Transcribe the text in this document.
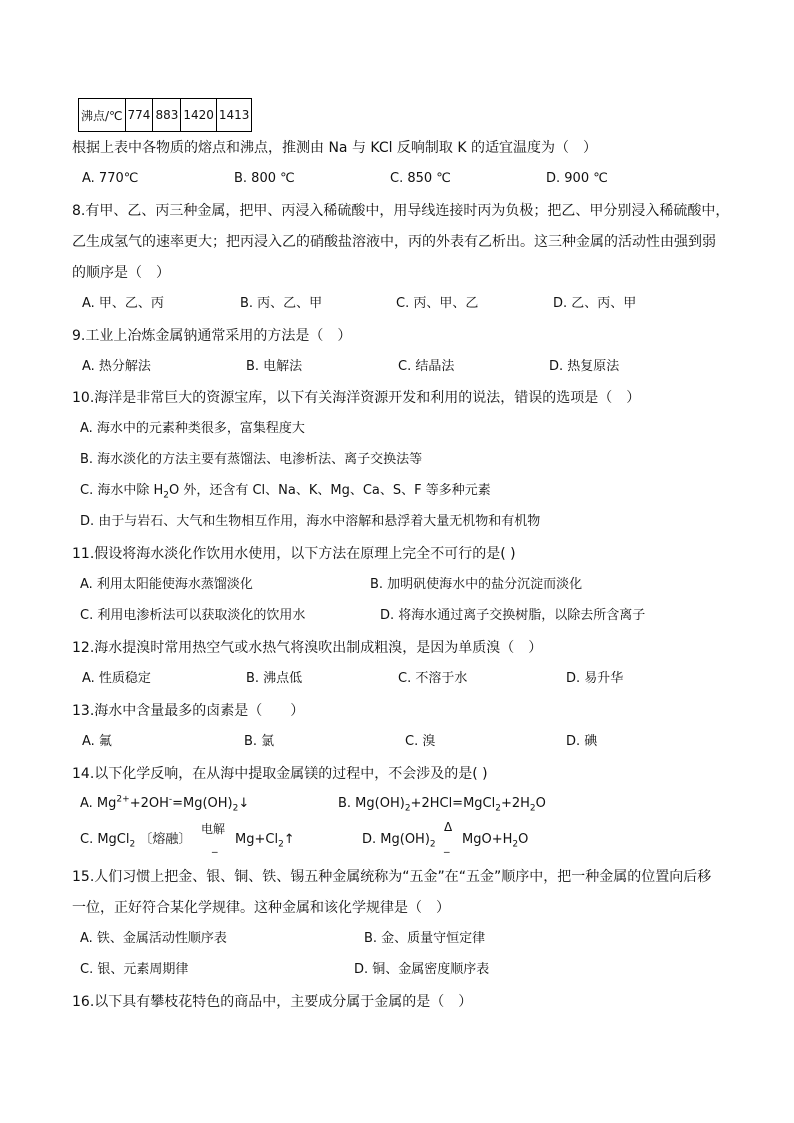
沸点/℃	774	883	1420	1413
根据上表中各物质的熔点和沸点，推测由 Na 与 KCl 反响制取 K 的适宜温度为（　）
A. 770℃	B. 800 ℃	C. 850 ℃	D. 900 ℃
8.有甲、乙、丙三种金属，把甲、丙浸入稀硫酸中，用导线连接时丙为负极；把乙、甲分别浸入稀硫酸中，
乙生成氢气的速率更大；把丙浸入乙的硝酸盐溶液中，丙的外表有乙析出。这三种金属的活动性由强到弱
的顺序是（　）
A. 甲、乙、丙	B. 丙、乙、甲	C. 丙、甲、乙	D. 乙、丙、甲
9.工业上冶炼金属钠通常采用的方法是（　）
A. 热分解法	B. 电解法	C. 结晶法	D. 热复原法
10.海洋是非常巨大的资源宝库，以下有关海洋资源开发和利用的说法，错误的选项是（　）
A. 海水中的元素种类很多，富集程度大
B. 海水淡化的方法主要有蒸馏法、电渗析法、离子交换法等
C. 海水中除 $H_2O$ 外，还含有 Cl、Na、K、Mg、Ca、S、F 等多种元素
D. 由于与岩石、大气和生物相互作用，海水中溶解和悬浮着大量无机物和有机物
11.假设将海水淡化作饮用水使用，以下方法在原理上完全不可行的是( )
A. 利用太阳能使海水蒸馏淡化	B. 加明矾使海水中的盐分沉淀而淡化
C. 利用电渗析法可以获取淡化的饮用水	D. 将海水通过离子交换树脂，以除去所含离子
12.海水提溴时常用热空气或水热气将溴吹出制成粗溴，是因为单质溴（　）
A. 性质稳定	B. 沸点低	C. 不溶于水	D. 易升华
13.海水中含量最多的卤素是（　　）
A. 氟	B. 氯	C. 溴	D. 碘
14.以下化学反响，在从海中提取金属镁的过程中，不会涉及的是( )
A. $Mg^{2+}+2OH^-=Mg(OH)_2↓$	B. $Mg(OH)_2+2HCl=MgCl_2+2H_2O$
C. MgCl$_2$ 〔熔融〕
电解
_ $Mg+Cl_2↑$	D. $Mg(OH)_2$
Δ
_ $MgO+H_2O$
15.人们习惯上把金、银、铜、铁、锡五种金属统称为“五金”在“五金”顺序中，把一种金属的位置向后移
一位，正好符合某化学规律。这种金属和该化学规律是（　）
A. 铁、金属活动性顺序表	B. 金、质量守恒定律
C. 银、元素周期律	D. 铜、金属密度顺序表
16.以下具有攀枝花特色的商品中，主要成分属于金属的是（　）
